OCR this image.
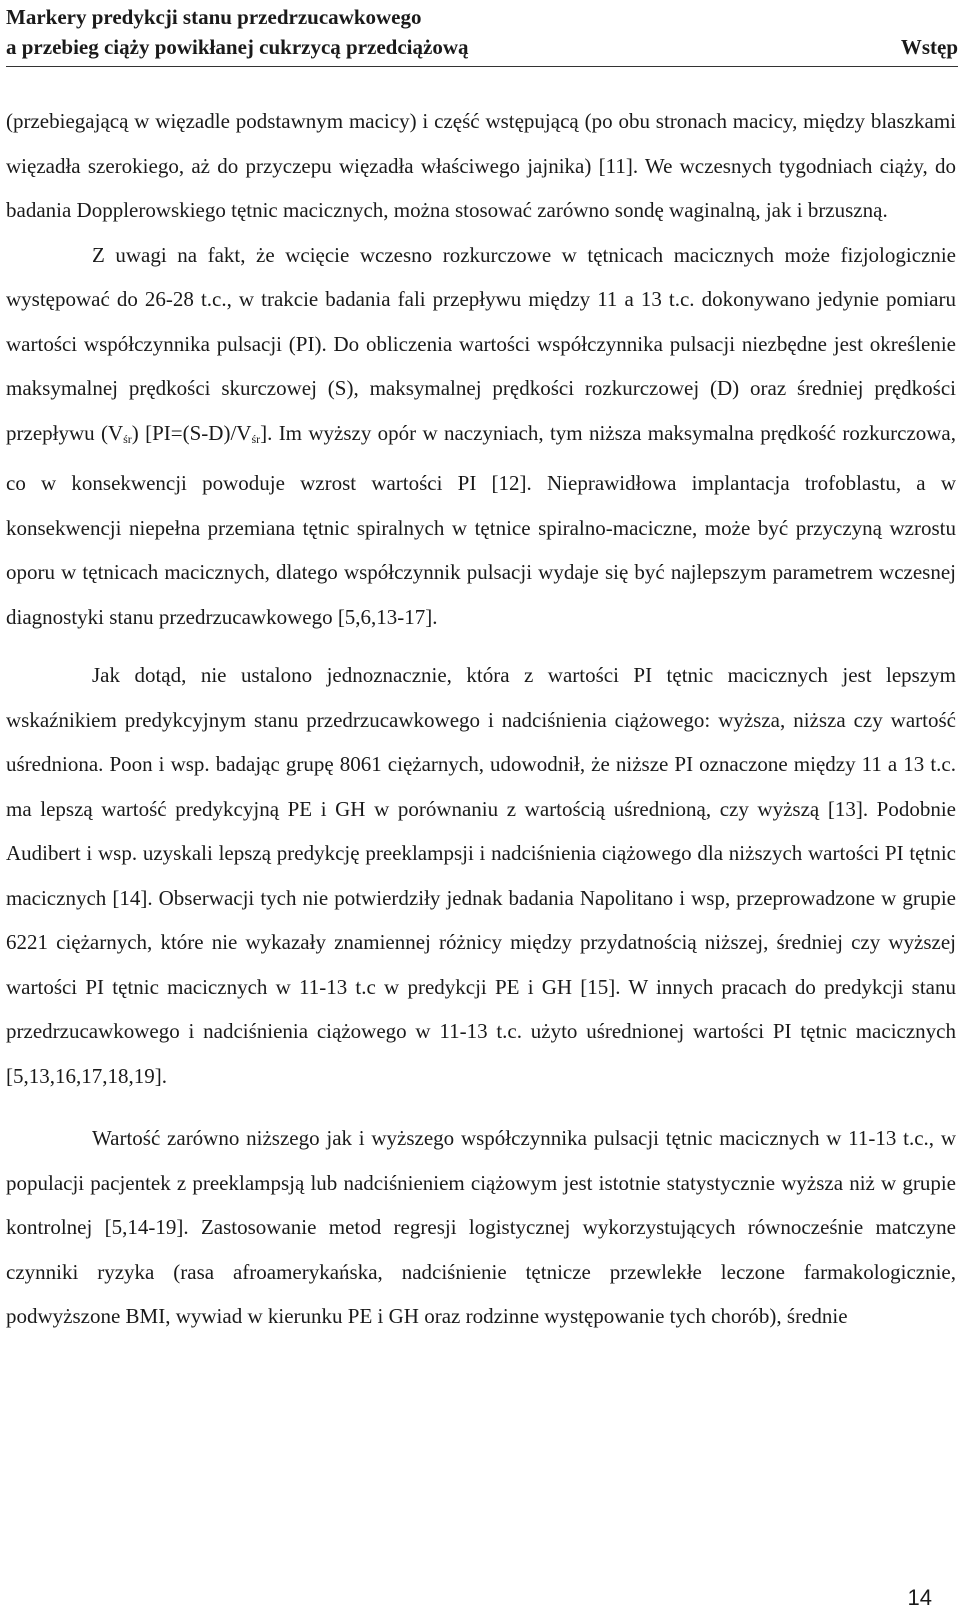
Markery predykcji stanu przedrzucawkowego
a przebieg ciąży powikłanej cukrzycą przedciążową	Wstęp

(przebiegającą w więzadle podstawnym macicy) i część wstępującą (po obu stronach macicy, między blaszkami więzadła szerokiego, aż do przyczepu więzadła właściwego jajnika) [11]. We wczesnych tygodniach ciąży, do badania Dopplerowskiego tętnic macicznych, można stosować zarówno sondę waginalną, jak i brzuszną.

Z uwagi na fakt, że wcięcie wczesno rozkurczowe w tętnicach macicznych może fizjologicznie występować do 26-28 t.c., w trakcie badania fali przepływu między 11 a 13 t.c. dokonywano jedynie pomiaru wartości współczynnika pulsacji (PI). Do obliczenia wartości współczynnika pulsacji niezbędne jest określenie maksymalnej prędkości skurczowej (S), maksymalnej prędkości rozkurczowej (D) oraz średniej prędkości przepływu $(V_{śr})$ $[PI=(S-D)/V_{śr}]$. Im wyższy opór w naczyniach, tym niższa maksymalna prędkość rozkurczowa, co w konsekwencji powoduje wzrost wartości PI [12]. Nieprawidłowa implantacja trofoblastu, a w konsekwencji niepełna przemiana tętnic spiralnych w tętnice spiralno-maciczne, może być przyczyną wzrostu oporu w tętnicach macicznych, dlatego współczynnik pulsacji wydaje się być najlepszym parametrem wczesnej diagnostyki stanu przedrzucawkowego [5,6,13-17].

Jak dotąd, nie ustalono jednoznacznie, która z wartości PI tętnic macicznych jest lepszym wskaźnikiem predykcyjnym stanu przedrzucawkowego i nadciśnienia ciążowego: wyższa, niższa czy wartość uśredniona. Poon i wsp. badając grupę 8061 ciężarnych, udowodnił, że niższe PI oznaczone między 11 a 13 t.c. ma lepszą wartość predykcyjną PE i GH w porównaniu z wartością uśrednioną, czy wyższą [13]. Podobnie Audibert i wsp. uzyskali lepszą predykcję preeklampsji i nadciśnienia ciążowego dla niższych wartości PI tętnic macicznych [14]. Obserwacji tych nie potwierdziły jednak badania Napolitano i wsp, przeprowadzone w grupie 6221 ciężarnych, które nie wykazały znamiennej różnicy między przydatnością niższej, średniej czy wyższej wartości PI tętnic macicznych w 11-13 t.c w predykcji PE i GH [15]. W innych pracach do predykcji stanu przedrzucawkowego i nadciśnienia ciążowego w 11-13 t.c. użyto uśrednionej wartości PI tętnic macicznych [5,13,16,17,18,19].

Wartość zarówno niższego jak i wyższego współczynnika pulsacji tętnic macicznych w 11-13 t.c., w populacji pacjentek z preeklampsją lub nadciśnieniem ciążowym jest istotnie statystycznie wyższa niż w grupie kontrolnej [5,14-19]. Zastosowanie metod regresji logistycznej wykorzystujących równocześnie matczyne czynniki ryzyka (rasa afroamerykańska, nadciśnienie tętnicze przewlekłe leczone farmakologicznie, podwyższone BMI, wywiad w kierunku PE i GH oraz rodzinne występowanie tych chorób), średnie

14
